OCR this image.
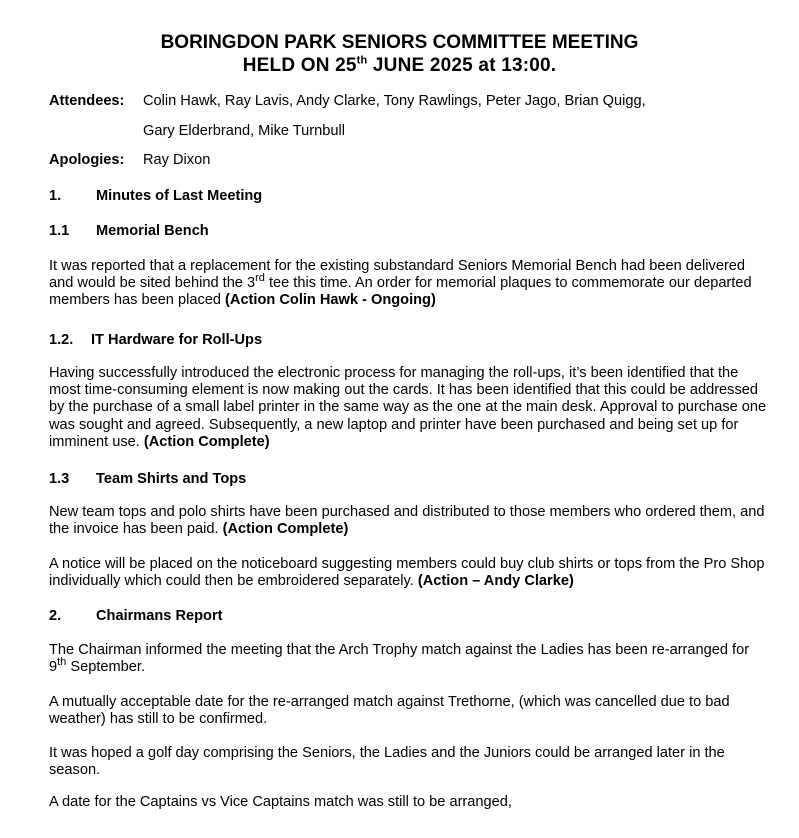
BORINGDON PARK SENIORS COMMITTEE MEETING
HELD ON 25th JUNE 2025 at 13:00.
Attendees: Colin Hawk, Ray Lavis, Andy Clarke, Tony Rawlings, Peter Jago, Brian Quigg,
Gary Elderbrand, Mike Turnbull
Apologies: Ray Dixon
1. Minutes of Last Meeting
1.1 Memorial Bench
It was reported that a replacement for the existing substandard Seniors Memorial Bench had been delivered and would be sited behind the 3rd tee this time. An order for memorial plaques to commemorate our departed members has been placed (Action Colin Hawk - Ongoing)
1.2. IT Hardware for Roll-Ups
Having successfully introduced the electronic process for managing the roll-ups, it’s been identified that the most time-consuming element is now making out the cards. It has been identified that this could be addressed by the purchase of a small label printer in the same way as the one at the main desk. Approval to purchase one was sought and agreed. Subsequently, a new laptop and printer have been purchased and being set up for imminent use. (Action Complete)
1.3 Team Shirts and Tops
New team tops and polo shirts have been purchased and distributed to those members who ordered them, and the invoice has been paid. (Action Complete)
A notice will be placed on the noticeboard suggesting members could buy club shirts or tops from the Pro Shop individually which could then be embroidered separately. (Action – Andy Clarke)
2. Chairmans Report
The Chairman informed the meeting that the Arch Trophy match against the Ladies has been re-arranged for 9th September.
A mutually acceptable date for the re-arranged match against Trethorne, (which was cancelled due to bad weather) has still to be confirmed.
It was hoped a golf day comprising the Seniors, the Ladies and the Juniors could be arranged later in the season.
A date for the Captains vs Vice Captains match was still to be arranged,
